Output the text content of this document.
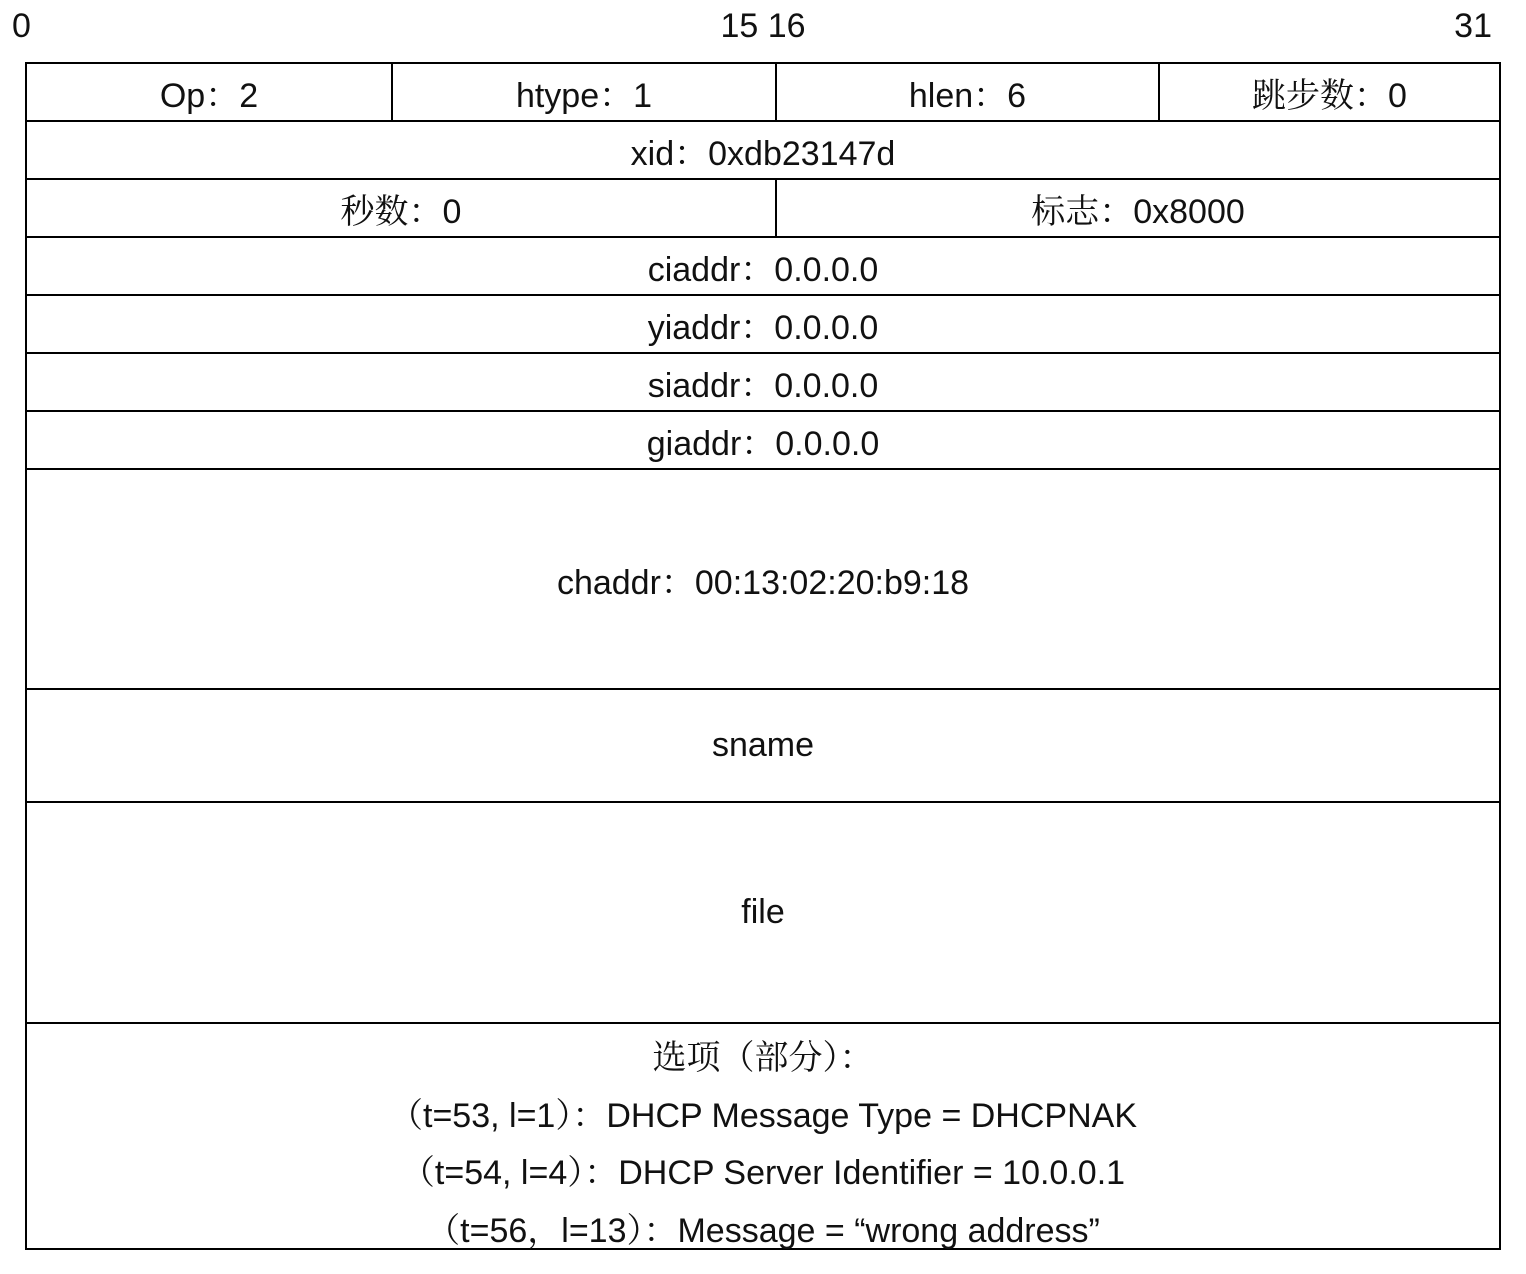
0	15 16	31
Op：2	htype：1	hlen：6	跳步数：0
xid：0xdb23147d
秒数：0	标志：0x8000
ciaddr：0.0.0.0
yiaddr：0.0.0.0
siaddr：0.0.0.0
giaddr：0.0.0.0
chaddr：00:13:02:20:b9:18
sname
file
选项（部分）：
（t=53, l=1）：DHCP Message Type = DHCPNAK
（t=54, l=4）：DHCP Server Identifier = 10.0.0.1
（t=56，l=13）：Message = “wrong address”
